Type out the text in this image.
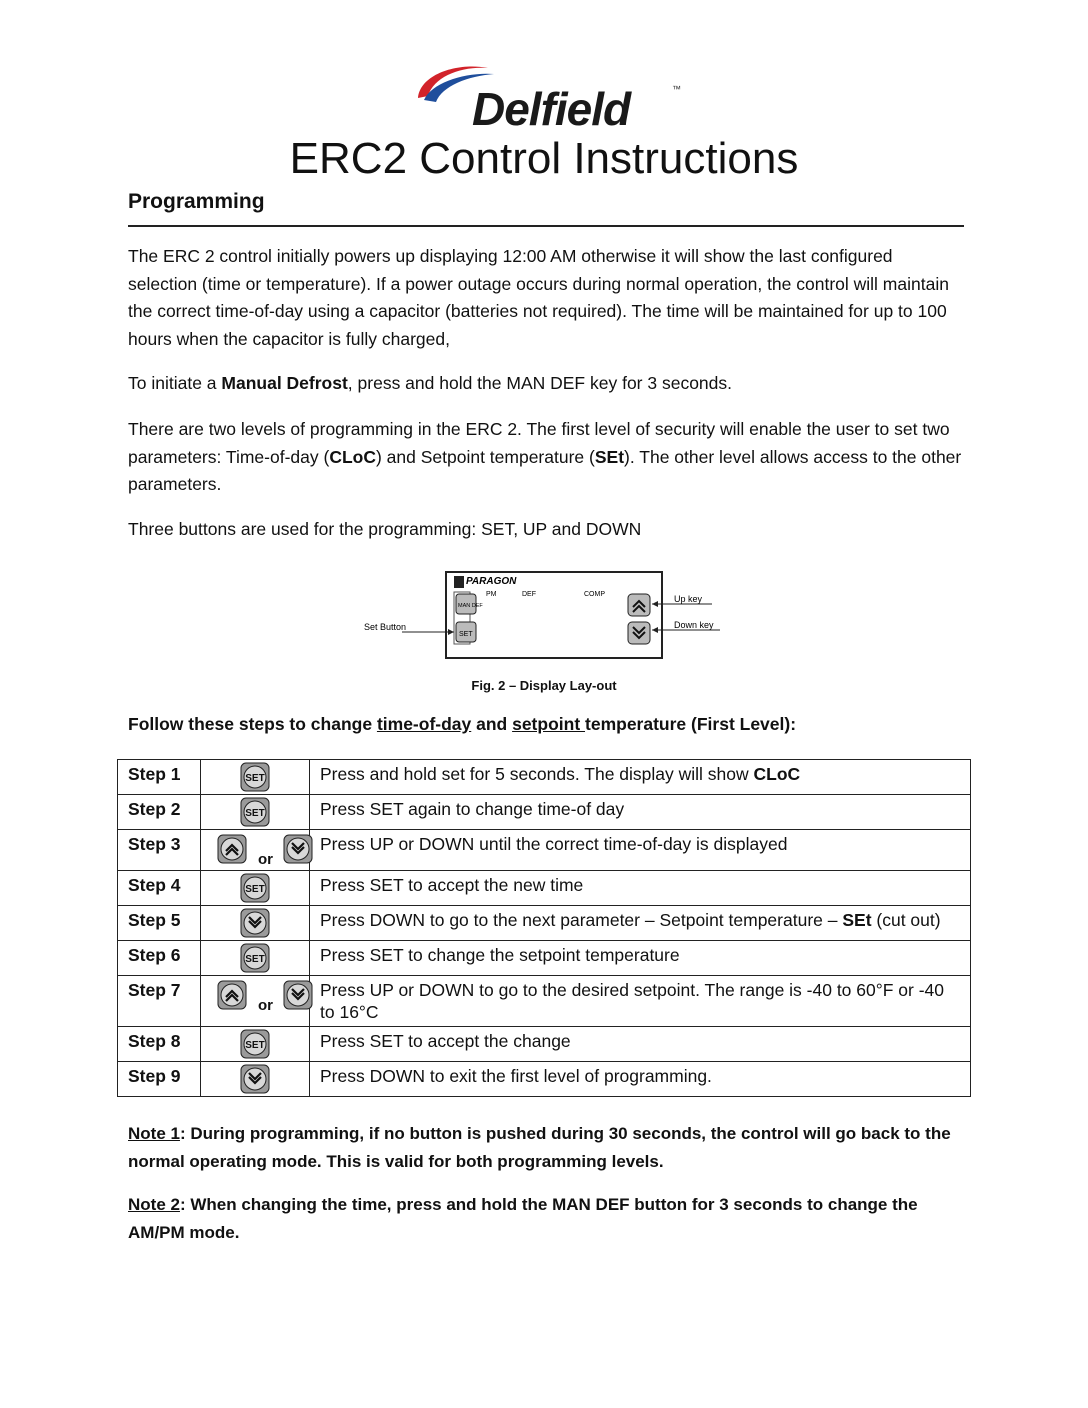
Delfield	™
ERC2 Control Instructions
Programming
The ERC 2 control initially powers up displaying 12:00 AM otherwise it will show the last configured selection (time or temperature). If a power outage occurs during normal operation, the control will maintain the correct time-of-day using a capacitor (batteries not required). The time will be maintained for up to 100 hours when the capacitor is fully charged,
To initiate a Manual Defrost, press and hold the MAN DEF key for 3 seconds.
There are two levels of programming in the ERC 2. The first level of security will enable the user to set two parameters: Time-of-day (CLoC) and Setpoint temperature (SEt). The other level allows access to the other parameters.
Three buttons are used for the programming: SET, UP and DOWN
PARAGON
MAN DEF
SET
PM	DEF	COMP
Set Button
Up key
Down key
Fig. 2 – Display Lay-out
Follow these steps to change time-of-day and setpoint temperature (First Level):
Step 1	SET	Press and hold set for 5 seconds. The display will show CLoC
Step 2	SET	Press SET again to change time-of day
Step 3	or	Press UP or DOWN until the correct time-of-day is displayed
Step 4	SET	Press SET to accept the new time
Step 5		Press DOWN to go to the next parameter – Setpoint temperature – SEt (cut out)
Step 6	SET	Press SET to change the setpoint temperature
Step 7	or	Press UP or DOWN to go to the desired setpoint. The range is -40 to 60°F or -40 to 16°C
Step 8	SET	Press SET to accept the change
Step 9		Press DOWN to exit the first level of programming.
Note 1: During programming, if no button is pushed during 30 seconds, the control will go back to the normal operating mode. This is valid for both programming levels.
Note 2: When changing the time, press and hold the MAN DEF button for 3 seconds to change the AM/PM mode.
